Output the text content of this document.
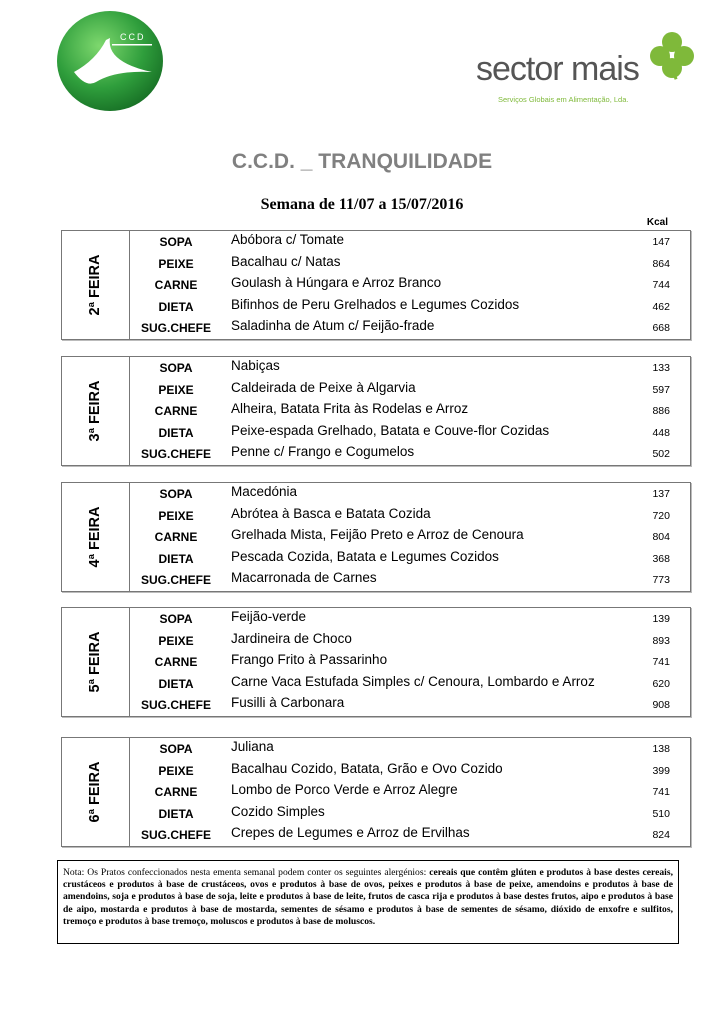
CCD
sector mais
Serviços Globais em Alimentação, Lda.
C.C.D. _ TRANQUILIDADE
Semana de 11/07 a 15/07/2016
Kcal
2ª FEIRA
SOPA	Abóbora c/ Tomate	147
PEIXE	Bacalhau c/ Natas	864
CARNE	Goulash à Húngara e Arroz Branco	744
DIETA	Bifinhos de Peru Grelhados e Legumes Cozidos	462
SUG.CHEFE	Saladinha de Atum c/ Feijão-frade	668
3ª FEIRA
SOPA	Nabiças	133
PEIXE	Caldeirada de Peixe à Algarvia	597
CARNE	Alheira, Batata Frita às Rodelas e Arroz	886
DIETA	Peixe-espada Grelhado, Batata e Couve-flor Cozidas	448
SUG.CHEFE	Penne c/ Frango e Cogumelos	502
4ª FEIRA
SOPA	Macedónia	137
PEIXE	Abrótea à Basca e Batata Cozida	720
CARNE	Grelhada Mista, Feijão Preto e Arroz de Cenoura	804
DIETA	Pescada Cozida, Batata e Legumes Cozidos	368
SUG.CHEFE	Macarronada de Carnes	773
5ª FEIRA
SOPA	Feijão-verde	139
PEIXE	Jardineira de Choco	893
CARNE	Frango Frito à Passarinho	741
DIETA	Carne Vaca Estufada Simples c/ Cenoura, Lombardo e Arroz	620
SUG.CHEFE	Fusilli à Carbonara	908
6ª FEIRA
SOPA	Juliana	138
PEIXE	Bacalhau Cozido, Batata, Grão e Ovo Cozido	399
CARNE	Lombo de Porco Verde e Arroz Alegre	741
DIETA	Cozido Simples	510
SUG.CHEFE	Crepes de Legumes e Arroz de Ervilhas	824
Nota: Os Pratos confeccionados nesta ementa semanal podem conter os seguintes alergénios: cereais que contêm glúten e produtos à base destes cereais, crustáceos e produtos à base de crustáceos, ovos e produtos à base de ovos, peixes e produtos à base de peixe, amendoins e produtos à base de amendoins, soja e produtos à base de soja, leite e produtos à base de leite, frutos de casca rija e produtos à base destes frutos, aipo e produtos à base de aipo, mostarda e produtos à base de mostarda, sementes de sésamo e produtos à base de sementes de sésamo, dióxido de enxofre e sulfitos, tremoço e produtos à base tremoço, moluscos e produtos à base de moluscos.
